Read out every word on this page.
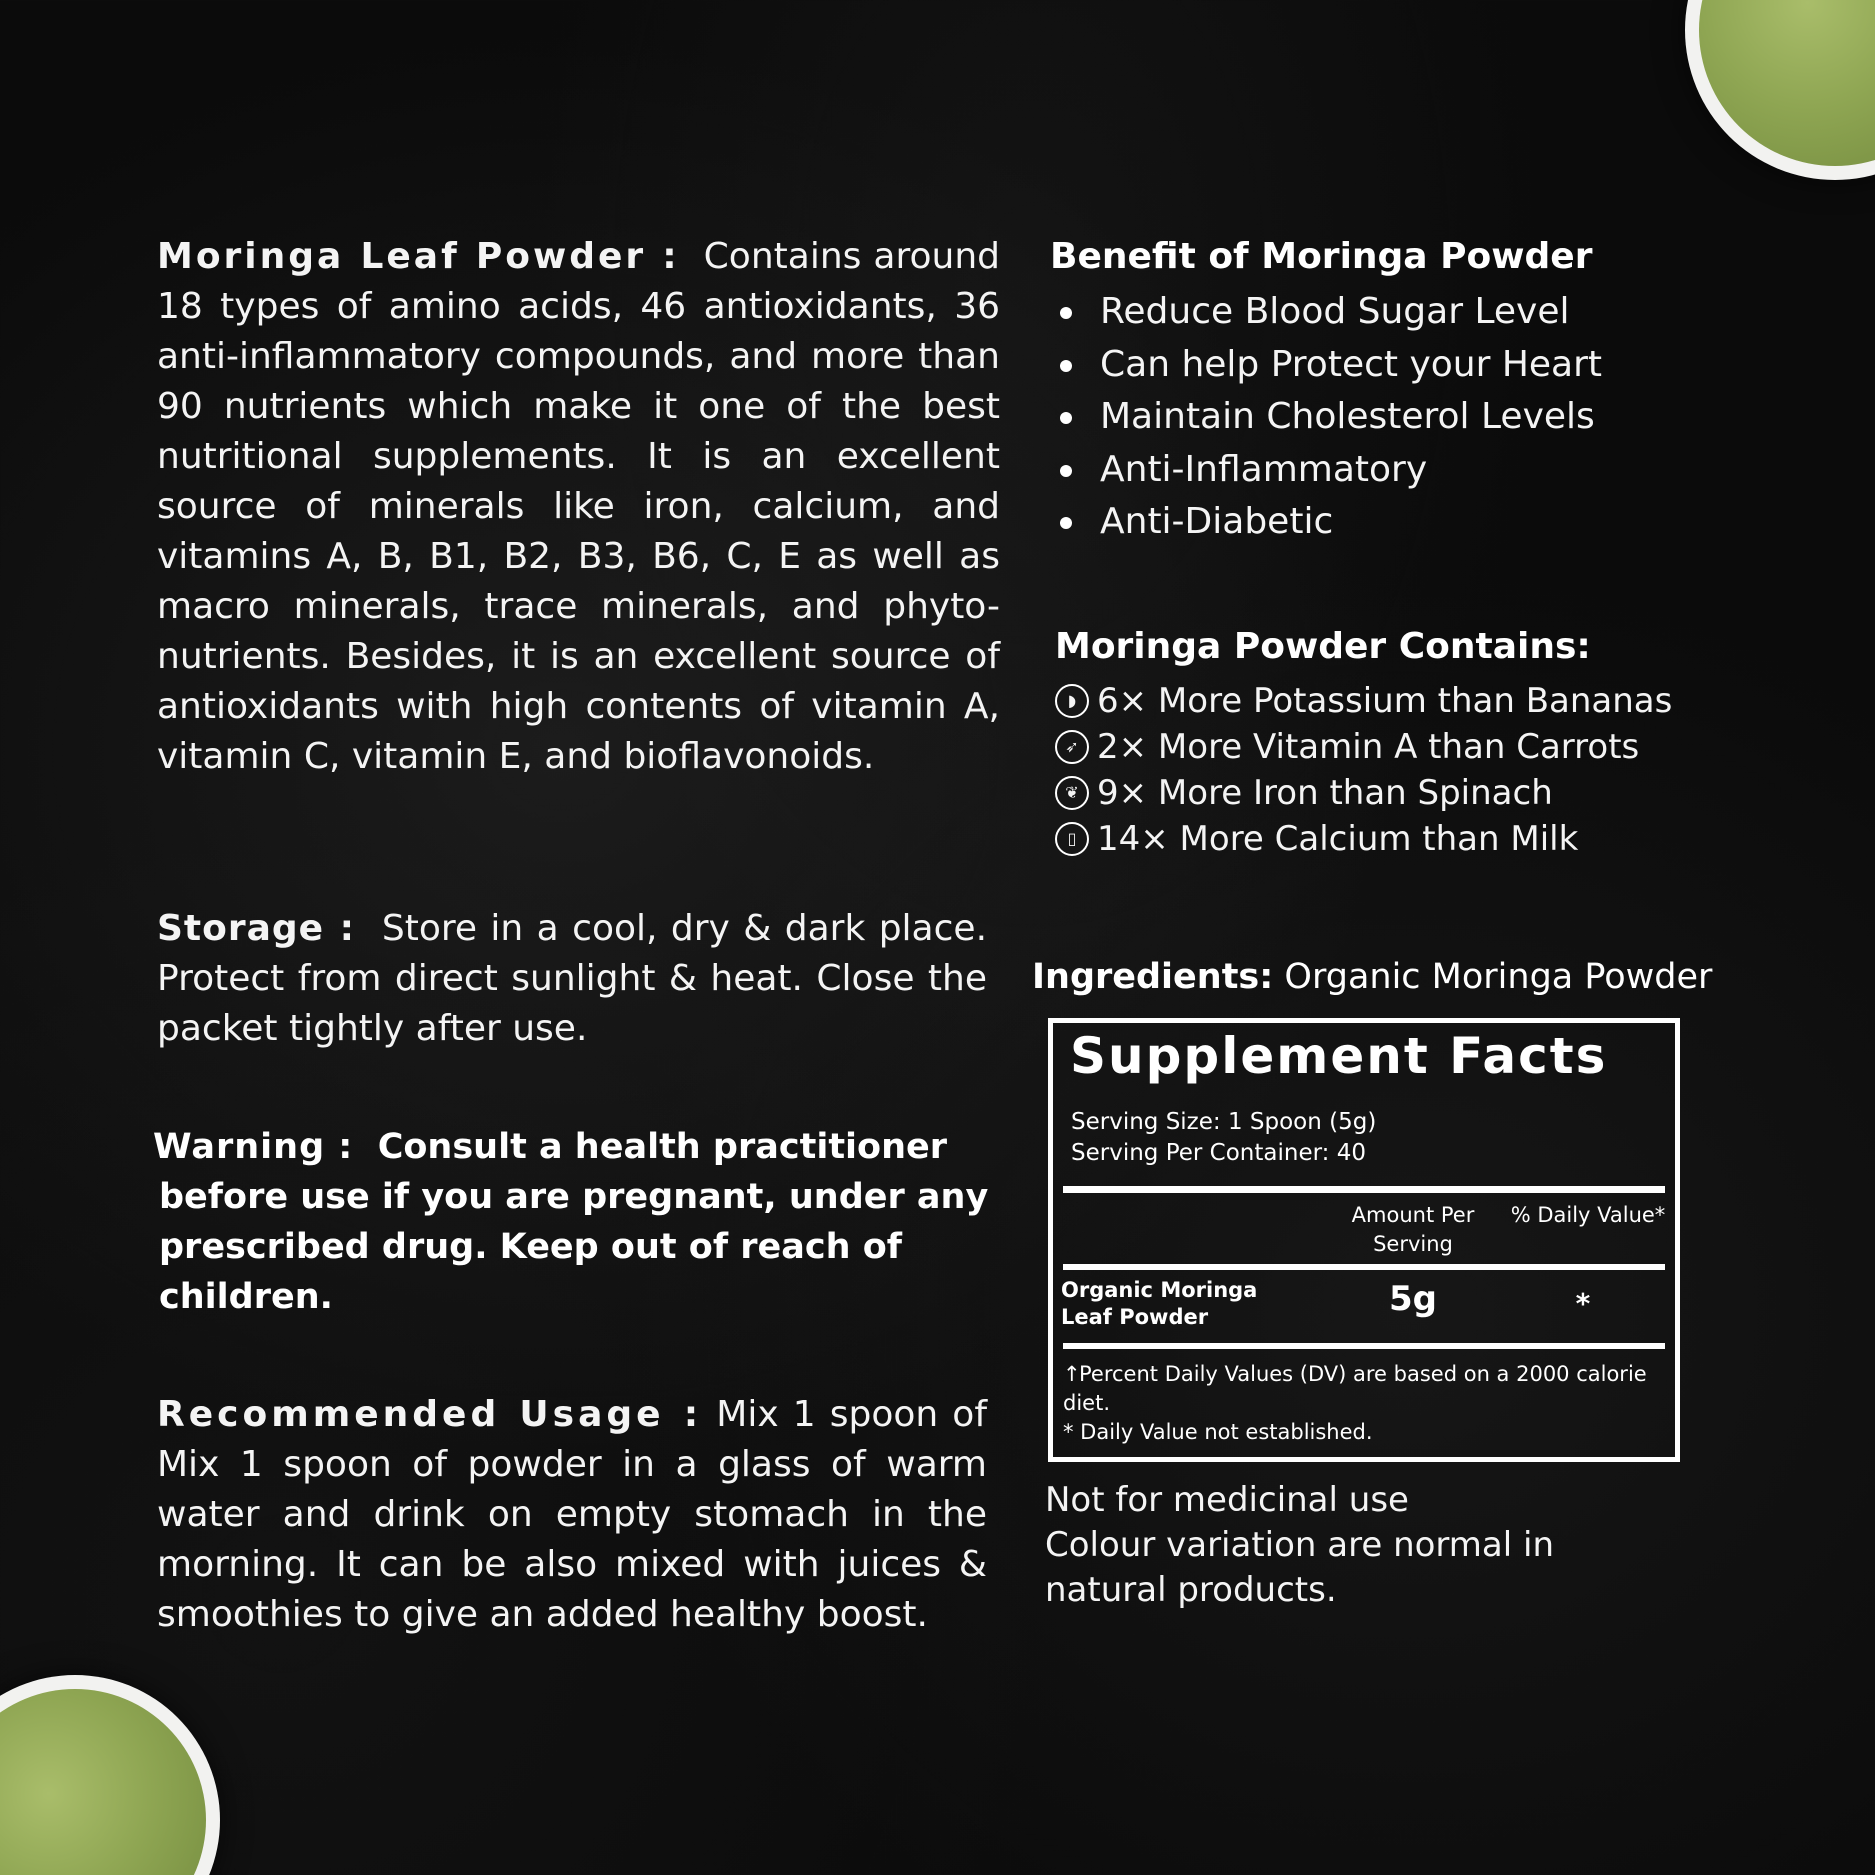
Moringa Leaf Powder : Contains around 18 types of amino acids, 46 antioxidants, 36 anti-inflammatory compounds, and more than 90 nutrients which make it one of the best nutritional supplements. It is an excellent source of minerals like iron, calcium, and vitamins A, B, B1, B2, B3, B6, C, E as well as macro minerals, trace minerals, and phyto-nutrients. Besides, it is an excellent source of antioxidants with high contents of vitamin A, vitamin C, vitamin E, and bioflavonoids.
Storage : Store in a cool, dry & dark place. Protect from direct sunlight & heat. Close the packet tightly after use.
Warning : Consult a health practitioner
before use if you are pregnant, under any
prescribed drug. Keep out of reach of
children.
Recommended Usage : Mix 1 spoon of Mix 1 spoon of powder in a glass of warm water and drink on empty stomach in the morning. It can be also mixed with juices & smoothies to give an added healthy boost.
Benefit of Moringa Powder
Reduce Blood Sugar Level
Can help Protect your Heart
Maintain Cholesterol Levels
Anti-Inflammatory
Anti-Diabetic
Moringa Powder Contains:
◗ 6× More Potassium than Bananas
➶ 2× More Vitamin A than Carrots
❦ 9× More Iron than Spinach
▯ 14× More Calcium than Milk
Ingredients: Organic Moringa Powder
Supplement Facts
Serving Size: 1 Spoon (5g)
Serving Per Container: 40
Amount Per Serving
% Daily Value*
Organic Moringa Leaf Powder	5g	*
↑Percent Daily Values (DV) are based on a 2000 calorie diet.
* Daily Value not established.
Not for medicinal use
Colour variation are normal in natural products.
